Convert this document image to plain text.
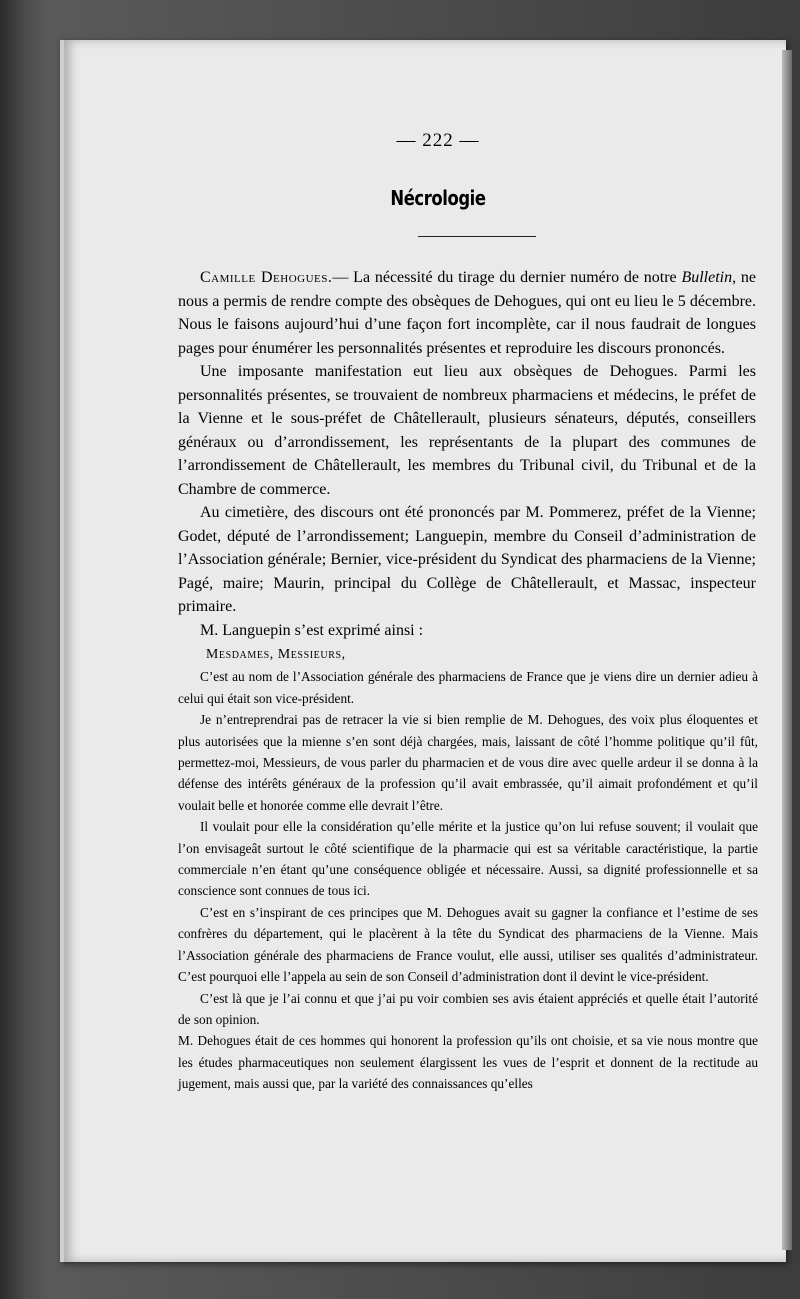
— 222 —
Nécrologie

Camille Dehogues.— La nécessité du tirage du dernier numéro de notre Bulletin, ne nous a permis de rendre compte des obsèques de Dehogues, qui ont eu lieu le 5 décembre. Nous le faisons aujourd’hui d’une façon fort incomplète, car il nous faudrait de longues pages pour énumérer les personnalités présentes et reproduire les discours prononcés.

Une imposante manifestation eut lieu aux obsèques de Dehogues. Parmi les personnalités présentes, se trouvaient de nombreux pharmaciens et médecins, le préfet de la Vienne et le sous-préfet de Châtellerault, plusieurs sénateurs, députés, conseillers généraux ou d’arrondissement, les représentants de la plupart des communes de l’arrondissement de Châtellerault, les membres du Tribunal civil, du Tribunal et de la Chambre de commerce.

Au cimetière, des discours ont été prononcés par M. Pommerez, préfet de la Vienne; Godet, député de l’arrondissement; Languepin, membre du Conseil d’administration de l’Association générale; Bernier, vice-président du Syndicat des pharmaciens de la Vienne; Pagé, maire; Maurin, principal du Collège de Châtellerault, et Massac, inspecteur primaire.

M. Languepin s’est exprimé ainsi :

Mesdames, Messieurs,

C’est au nom de l’Association générale des pharmaciens de France que je viens dire un dernier adieu à celui qui était son vice-président.

Je n’entreprendrai pas de retracer la vie si bien remplie de M. Dehogues, des voix plus éloquentes et plus autorisées que la mienne s’en sont déjà chargées, mais, laissant de côté l’homme politique qu’il fût, permettez-moi, Messieurs, de vous parler du pharmacien et de vous dire avec quelle ardeur il se donna à la défense des intérêts généraux de la profession qu’il avait embrassée, qu’il aimait profondément et qu’il voulait belle et honorée comme elle devrait l’être.

Il voulait pour elle la considération qu’elle mérite et la justice qu’on lui refuse souvent; il voulait que l’on envisageât surtout le côté scientifique de la pharmacie qui est sa véritable caractéristique, la partie commerciale n’en étant qu’une conséquence obligée et nécessaire. Aussi, sa dignité professionnelle et sa conscience sont connues de tous ici.

C’est en s’inspirant de ces principes que M. Dehogues avait su gagner la confiance et l’estime de ses confrères du département, qui le placèrent à la tête du Syndicat des pharmaciens de la Vienne. Mais l’Association générale des pharmaciens de France voulut, elle aussi, utiliser ses qualités d’administrateur. C’est pourquoi elle l’appela au sein de son Conseil d’administration dont il devint le vice-président.

C’est là que je l’ai connu et que j’ai pu voir combien ses avis étaient appréciés et quelle était l’autorité de son opinion.

M. Dehogues était de ces hommes qui honorent la profession qu’ils ont choisie, et sa vie nous montre que les études pharmaceutiques non seulement élargissent les vues de l’esprit et donnent de la rectitude au jugement, mais aussi que, par la variété des connaissances qu’elles
